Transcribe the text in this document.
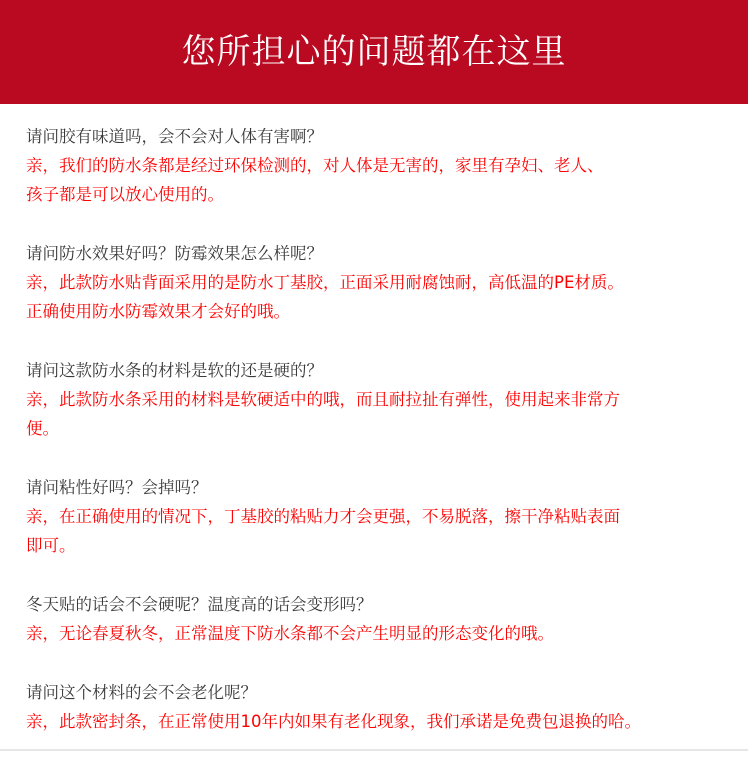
您所担心的问题都在这里
请问胶有味道吗，会不会对人体有害啊？
亲，我们的防水条都是经过环保检测的，对人体是无害的，家里有孕妇、老人、
孩子都是可以放心使用的。
请问防水效果好吗？防霉效果怎么样呢？
亲，此款防水贴背面采用的是防水丁基胶，正面采用耐腐蚀耐，高低温的PE材质。
正确使用防水防霉效果才会好的哦。
请问这款防水条的材料是软的还是硬的？
亲，此款防水条采用的材料是软硬适中的哦，而且耐拉扯有弹性，使用起来非常方
便。
请问粘性好吗？会掉吗？
亲，在正确使用的情况下，丁基胶的粘贴力才会更强，不易脱落，擦干净粘贴表面
即可。
冬天贴的话会不会硬呢？温度高的话会变形吗？
亲，无论春夏秋冬，正常温度下防水条都不会产生明显的形态变化的哦。
请问这个材料的会不会老化呢？
亲，此款密封条，在正常使用10年内如果有老化现象，我们承诺是免费包退换的哈。
